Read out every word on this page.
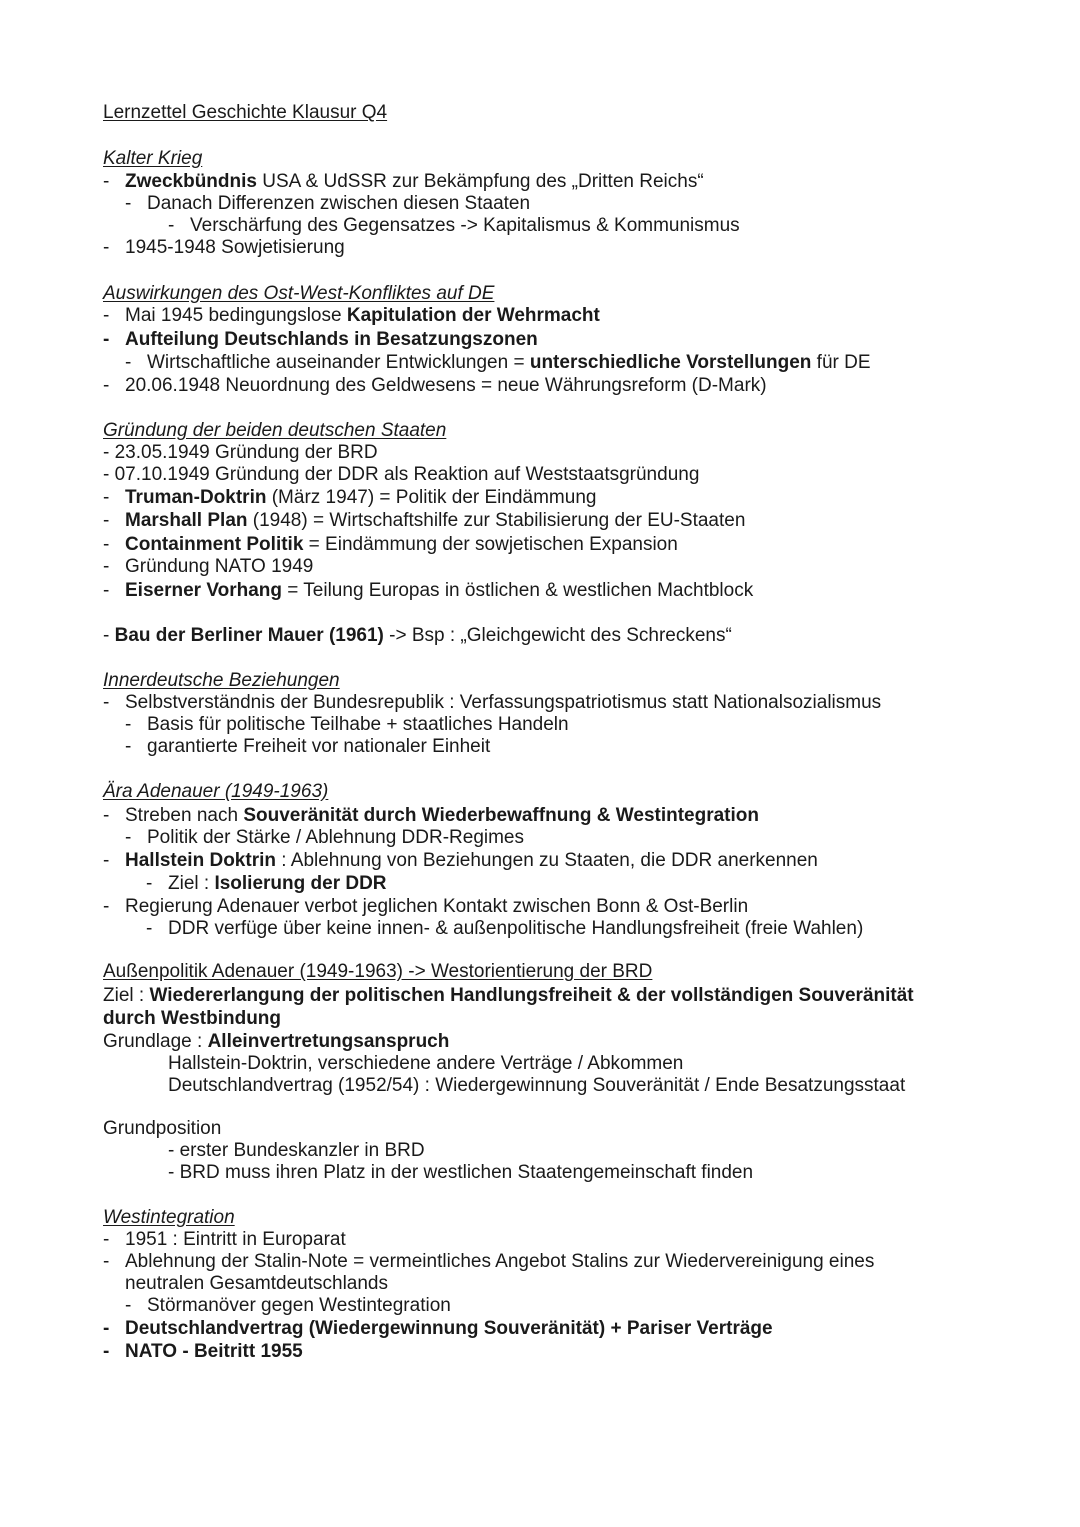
Lernzettel Geschichte Klausur Q4
Kalter Krieg
- Zweckbündnis USA & UdSSR zur Bekämpfung des „Dritten Reichs“
- Danach Differenzen zwischen diesen Staaten
- Verschärfung des Gegensatzes -> Kapitalismus & Kommunismus
- 1945-1948 Sowjetisierung
Auswirkungen des Ost-West-Konfliktes auf DE
- Mai 1945 bedingungslose Kapitulation der Wehrmacht
- Aufteilung Deutschlands in Besatzungszonen
- Wirtschaftliche auseinander Entwicklungen = unterschiedliche Vorstellungen für DE
- 20.06.1948 Neuordnung des Geldwesens = neue Währungsreform (D-Mark)
Gründung der beiden deutschen Staaten
- 23.05.1949 Gründung der BRD
- 07.10.1949 Gründung der DDR als Reaktion auf Weststaatsgründung
- Truman-Doktrin (März 1947) = Politik der Eindämmung
- Marshall Plan (1948) = Wirtschaftshilfe zur Stabilisierung der EU-Staaten
- Containment Politik = Eindämmung der sowjetischen Expansion
- Gründung NATO 1949
- Eiserner Vorhang = Teilung Europas in östlichen & westlichen Machtblock
- Bau der Berliner Mauer (1961) -> Bsp : „Gleichgewicht des Schreckens“
Innerdeutsche Beziehungen
- Selbstverständnis der Bundesrepublik : Verfassungspatriotismus statt Nationalsozialismus
- Basis für politische Teilhabe + staatliches Handeln
- garantierte Freiheit vor nationaler Einheit
Ära Adenauer (1949-1963)
- Streben nach Souveränität durch Wiederbewaffnung & Westintegration
- Politik der Stärke / Ablehnung DDR-Regimes
- Hallstein Doktrin : Ablehnung von Beziehungen zu Staaten, die DDR anerkennen
- Ziel : Isolierung der DDR
- Regierung Adenauer verbot jeglichen Kontakt zwischen Bonn & Ost-Berlin
- DDR verfüge über keine innen- & außenpolitische Handlungsfreiheit (freie Wahlen)
Außenpolitik Adenauer (1949-1963) -> Westorientierung der BRD
Ziel : Wiedererlangung der politischen Handlungsfreiheit & der vollständigen Souveränität
durch Westbindung
Grundlage : Alleinvertretungsanspruch
Hallstein-Doktrin, verschiedene andere Verträge / Abkommen
Deutschlandvertrag (1952/54) : Wiedergewinnung Souveränität / Ende Besatzungsstaat
Grundposition
- erster Bundeskanzler in BRD
- BRD muss ihren Platz in der westlichen Staatengemeinschaft finden
Westintegration
- 1951 : Eintritt in Europarat
- Ablehnung der Stalin-Note = vermeintliches Angebot Stalins zur Wiedervereinigung eines
neutralen Gesamtdeutschlands
- Störmanöver gegen Westintegration
- Deutschlandvertrag (Wiedergewinnung Souveränität) + Pariser Verträge
- NATO - Beitritt 1955
